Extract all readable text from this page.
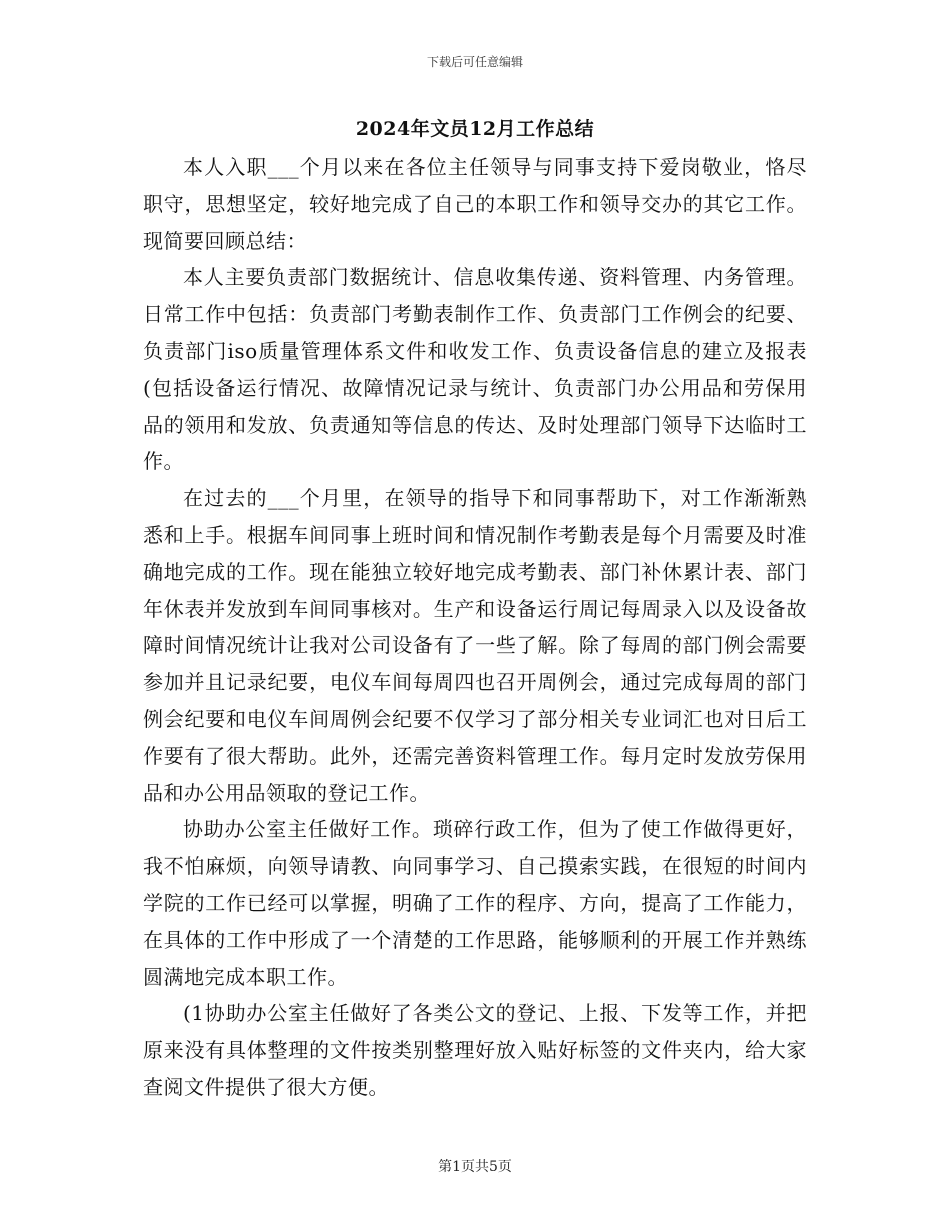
下载后可任意编辑
2024年文员12月工作总结

本人入职___个月以来在各位主任领导与同事支持下爱岗敬业，恪尽职守，思想坚定，较好地完成了自己的本职工作和领导交办的其它工作。现简要回顾总结：

本人主要负责部门数据统计、信息收集传递、资料管理、内务管理。日常工作中包括：负责部门考勤表制作工作、负责部门工作例会的纪要、负责部门iso质量管理体系文件和收发工作、负责设备信息的建立及报表(包括设备运行情况、故障情况记录与统计、负责部门办公用品和劳保用品的领用和发放、负责通知等信息的传达、及时处理部门领导下达临时工作。

在过去的___个月里，在领导的指导下和同事帮助下，对工作渐渐熟悉和上手。根据车间同事上班时间和情况制作考勤表是每个月需要及时准确地完成的工作。现在能独立较好地完成考勤表、部门补休累计表、部门年休表并发放到车间同事核对。生产和设备运行周记每周录入以及设备故障时间情况统计让我对公司设备有了一些了解。除了每周的部门例会需要参加并且记录纪要，电仪车间每周四也召开周例会，通过完成每周的部门例会纪要和电仪车间周例会纪要不仅学习了部分相关专业词汇也对日后工作要有了很大帮助。此外，还需完善资料管理工作。每月定时发放劳保用品和办公用品领取的登记工作。

协助办公室主任做好工作。琐碎行政工作，但为了使工作做得更好，我不怕麻烦，向领导请教、向同事学习、自己摸索实践，在很短的时间内学院的工作已经可以掌握，明确了工作的程序、方向，提高了工作能力，在具体的工作中形成了一个清楚的工作思路，能够顺利的开展工作并熟练圆满地完成本职工作。

(1协助办公室主任做好了各类公文的登记、上报、下发等工作，并把原来没有具体整理的文件按类别整理好放入贴好标签的文件夹内，给大家查阅文件提供了很大方便。

第1页共5页
